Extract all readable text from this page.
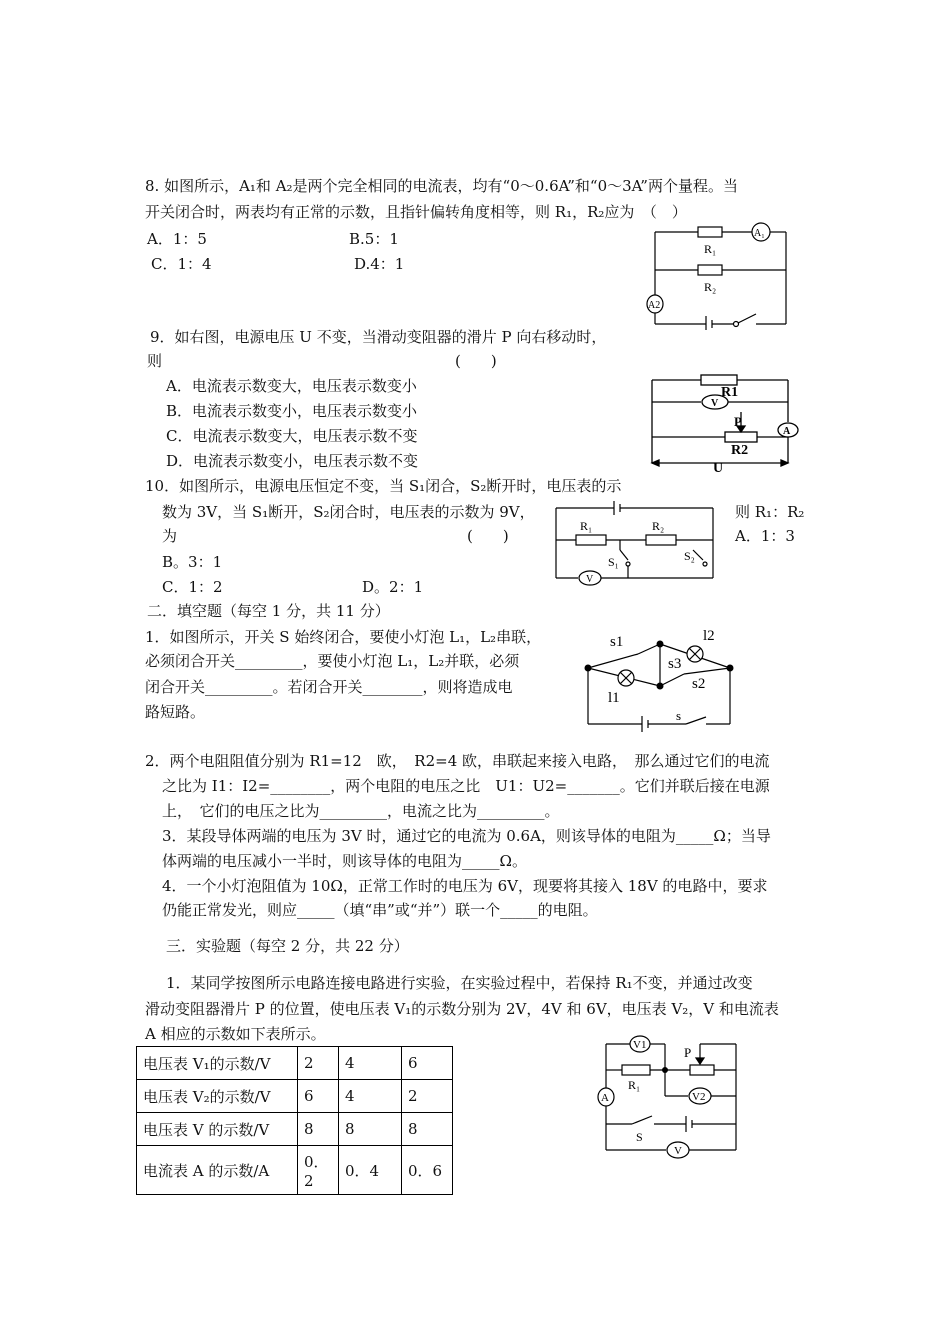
8. 如图所示，A₁和 A₂是两个完全相同的电流表，均有“0～0.6A”和“0～3A”两个量程。当
开关闭合时，两表均有正常的示数，且指针偏转角度相等，则 R₁，R₂应为　（　）
A．1：5	B.5：1
C．1：4	D.4：1
R₁
R₂
A₁
A2
9．如右图，电源电压 U 不变，当滑动变阻器的滑片 P 向右移动时，
则	(　　)
A．电流表示数变大，电压表示数变小
B．电流表示数变小，电压表示数变小
C．电流表示数变大，电压表示数不变
D．电流表示数变小，电压表示数不变
R1
V
P
R2
A
U
10．如图所示，电源电压恒定不变，当 S₁闭合，S₂断开时，电压表的示
数为 3V，当 S₁断开，S₂闭合时，电压表的示数为 9V，
为	(　　)
则 R₁：R₂
A．1：3
B。3：1
C．1：2	D。2：1
R₁	R₂
S₁	S₂
V
二．填空题（每空 1 分，共 11 分）
1．如图所示，开关 S 始终闭合，要使小灯泡 L₁，L₂串联，
必须闭合开关_________，要使小灯泡 L₁，L₂并联，必须
闭合开关_________。若闭合开关________，则将造成电
路短路。
s1	l2
s3
l1
s2
s
2．两个电阻阻值分别为 R1=12　欧，　R2=4 欧，串联起来接入电路，　那么通过它们的电流
之比为 I1：I2=________，两个电阻的电压之比　U1：U2=_______。它们并联后接在电源
上，　它们的电压之比为_________，电流之比为_________。
3．某段导体两端的电压为 3V 时，通过它的电流为 0.6A，则该导体的电阻为_____Ω；当导
体两端的电压减小一半时，则该导体的电阻为_____Ω。
4．一个小灯泡阻值为 10Ω，正常工作时的电压为 6V，现要将其接入 18V 的电路中，要求
仍能正常发光，则应_____（填“串”或“并”）联一个_____的电阻。
三．实验题（每空 2 分，共 22 分）
1．某同学按图所示电路连接电路进行实验，在实验过程中，若保持 R₁不变，并通过改变
滑动变阻器滑片 P 的位置，使电压表 V₁的示数分别为 2V，4V 和 6V，电压表 V₂，V 和电流表
A 相应的示数如下表所示。
电压表 V₁的示数/V	2	4	6
电压表 V₂的示数/V	6	4	2
电压表 V 的示数/V	8	8	8
电流表 A 的示数/A	0．2	0．4	0．6
V1	P
R₁
A	V2
S
V
